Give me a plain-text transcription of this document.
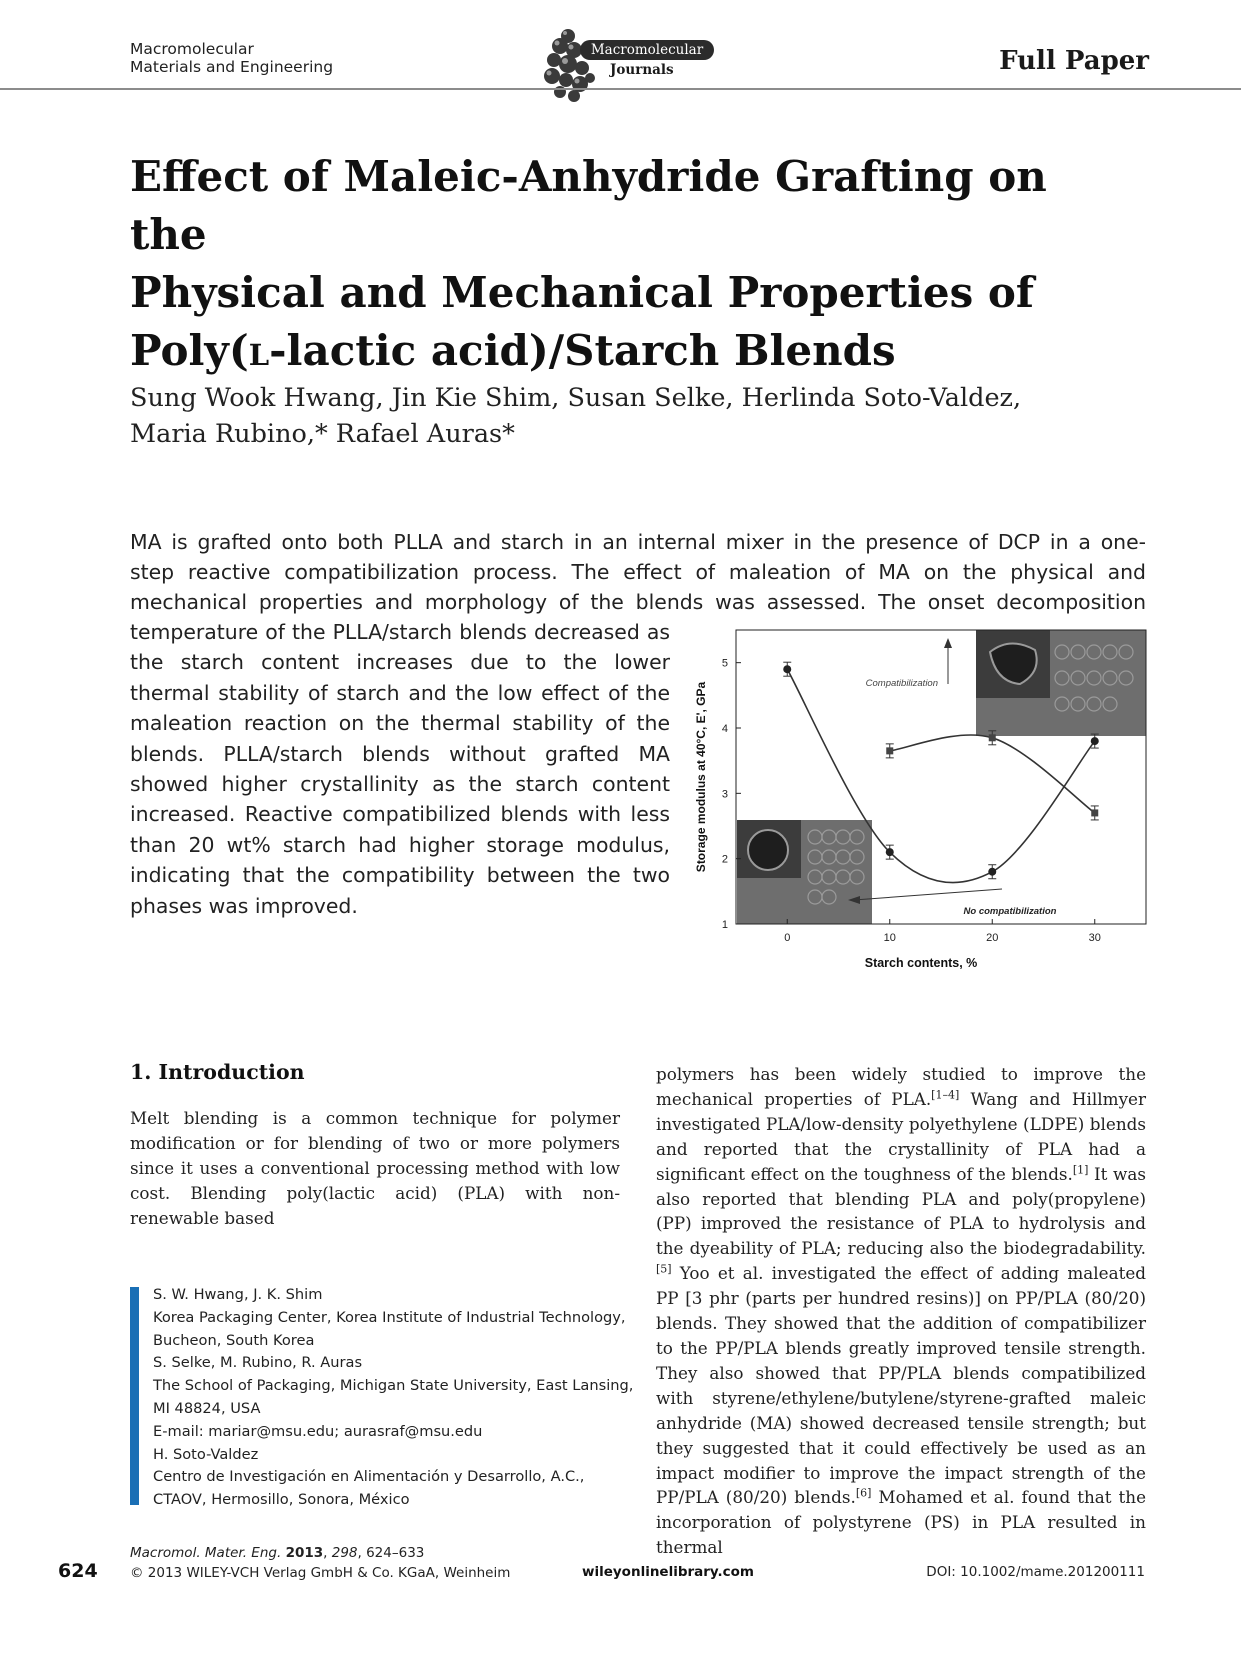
Macromolecular
Materials and Engineering
Macromolecular
Journals	Full Paper
Effect of Maleic-Anhydride Grafting on the
Physical and Mechanical Properties of
Poly(l-lactic acid)/Starch Blends
Sung Wook Hwang, Jin Kie Shim, Susan Selke, Herlinda Soto-Valdez,
Maria Rubino,* Rafael Auras*

MA is grafted onto both PLLA and starch in an internal mixer in the presence of DCP in a one-

step reactive compatibilization process. The effect of maleation of MA on the physical and

mechanical properties and morphology of the blends was assessed. The onset decomposition

temperature of the PLLA/starch blends decreased as the starch content increases due to the lower thermal stability of starch and the low effect of the maleation reaction on the thermal stability of the blends. PLLA/starch blends without grafted MA showed higher crystallinity as the starch content increased. Reactive compatibilized blends with less than 20 wt% starch had higher storage modulus, indicating that the compatibility between the two phases was improved.

0	10	20	30
1
2
3
4
5
Starch contents, %
Storage modulus at 40°C, E', GPa	Compatibilization
No compatibilization
1. Introduction

Melt blending is a common technique for polymer modification or for blending of two or more polymers since it uses a conventional processing method with low cost. Blending poly(lactic acid) (PLA) with non-renewable based

polymers has been widely studied to improve the mechanical properties of PLA.[1–4] Wang and Hillmyer investigated PLA/low-density polyethylene (LDPE) blends and reported that the crystallinity of PLA had a significant effect on the toughness of the blends.[1] It was also reported that blending PLA and poly(propylene) (PP) improved the resistance of PLA to hydrolysis and the dyeability of PLA; reducing also the biodegradability.[5] Yoo et al. investigated the effect of adding maleated PP [3 phr (parts per hundred resins)] on PP/PLA (80/20) blends. They showed that the addition of compatibilizer to the PP/PLA blends greatly improved tensile strength. They also showed that PP/PLA blends compatibilized with styrene/ethylene/butylene/styrene-grafted maleic anhydride (MA) showed decreased tensile strength; but they suggested that it could effectively be used as an impact modifier to improve the impact strength of the PP/PLA (80/20) blends.[6] Mohamed et al. found that the incorporation of polystyrene (PS) in PLA resulted in thermal

S. W. Hwang, J. K. Shim
Korea Packaging Center, Korea Institute of Industrial Technology,
Bucheon, South Korea
S. Selke, M. Rubino, R. Auras
The School of Packaging, Michigan State University, East Lansing,
MI 48824, USA
E-mail: mariar@msu.edu; aurasraf@msu.edu
H. Soto-Valdez
Centro de Investigación en Alimentación y Desarrollo, A.C.,
CTAOV, Hermosillo, Sonora, México
624
Macromol. Mater. Eng. 2013, 298, 624–633
© 2013 WILEY-VCH Verlag GmbH & Co. KGaA, Weinheim	wileyonlinelibrary.com	DOI: 10.1002/mame.201200111
